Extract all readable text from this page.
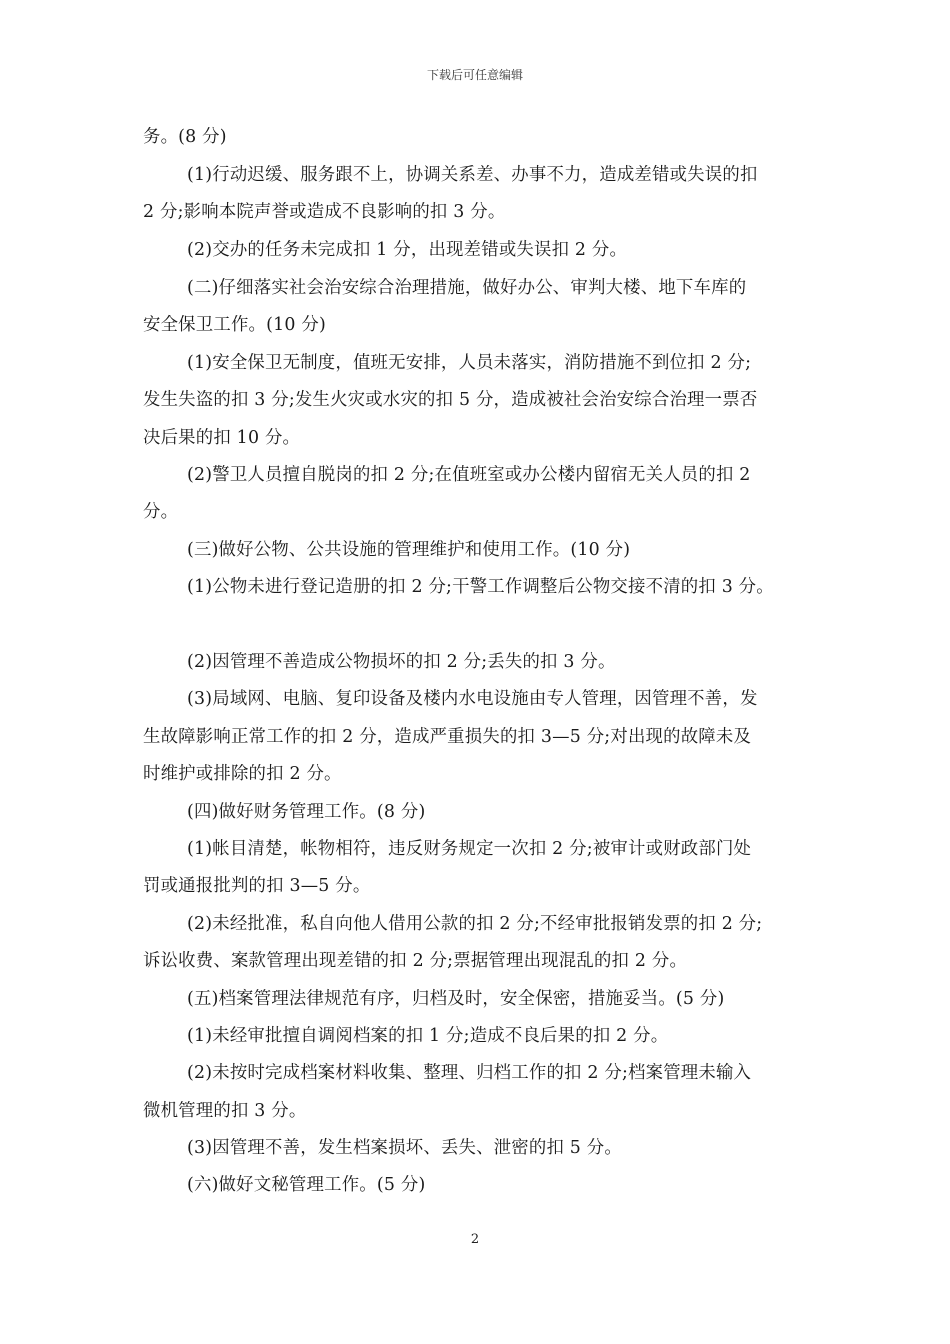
下载后可任意编辑
务。(8 分)
(1)行动迟缓、服务跟不上，协调关系差、办事不力，造成差错或失误的扣
2 分;影响本院声誉或造成不良影响的扣 3 分。
(2)交办的任务未完成扣 1 分，出现差错或失误扣 2 分。
(二)仔细落实社会治安综合治理措施，做好办公、审判大楼、地下车库的
安全保卫工作。(10 分)
(1)安全保卫无制度，值班无安排，人员未落实，消防措施不到位扣 2 分;
发生失盗的扣 3 分;发生火灾或水灾的扣 5 分，造成被社会治安综合治理一票否
决后果的扣 10 分。
(2)警卫人员擅自脱岗的扣 2 分;在值班室或办公楼内留宿无关人员的扣 2
分。
(三)做好公物、公共设施的管理维护和使用工作。(10 分)
(1)公物未进行登记造册的扣 2 分;干警工作调整后公物交接不清的扣 3 分。
(2)因管理不善造成公物损坏的扣 2 分;丢失的扣 3 分。
(3)局域网、电脑、复印设备及楼内水电设施由专人管理，因管理不善，发
生故障影响正常工作的扣 2 分，造成严重损失的扣 3—5 分;对出现的故障未及
时维护或排除的扣 2 分。
(四)做好财务管理工作。(8 分)
(1)帐目清楚，帐物相符，违反财务规定一次扣 2 分;被审计或财政部门处
罚或通报批判的扣 3—5 分。
(2)未经批准，私自向他人借用公款的扣 2 分;不经审批报销发票的扣 2 分;
诉讼收费、案款管理出现差错的扣 2 分;票据管理出现混乱的扣 2 分。
(五)档案管理法律规范有序，归档及时，安全保密，措施妥当。(5 分)
(1)未经审批擅自调阅档案的扣 1 分;造成不良后果的扣 2 分。
(2)未按时完成档案材料收集、整理、归档工作的扣 2 分;档案管理未输入
微机管理的扣 3 分。
(3)因管理不善，发生档案损坏、丢失、泄密的扣 5 分。
(六)做好文秘管理工作。(5 分)
2
